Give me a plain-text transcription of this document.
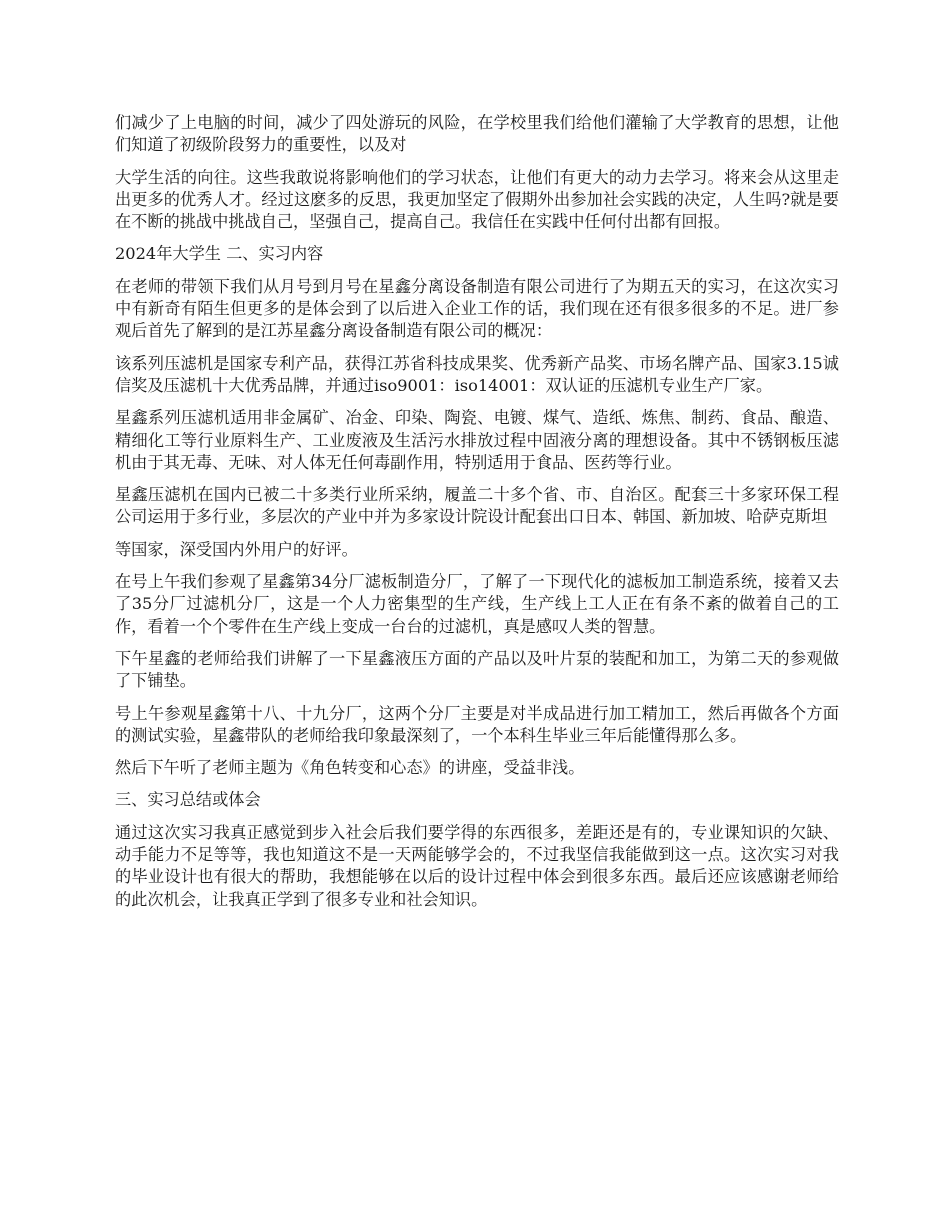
们减少了上电脑的时间，减少了四处游玩的风险，在学校里我们给他们灌输了大学教育的思想，让他们知道了初级阶段努力的重要性，以及对

大学生活的向往。这些我敢说将影响他们的学习状态，让他们有更大的动力去学习。将来会从这里走出更多的优秀人才。经过这麽多的反思，我更加坚定了假期外出参加社会实践的决定，人生吗?就是要在不断的挑战中挑战自己，坚强自己，提高自己。我信任在实践中任何付出都有回报。

2024年大学生 二、实习内容

在老师的带领下我们从月号到月号在星鑫分离设备制造有限公司进行了为期五天的实习，在这次实习中有新奇有陌生但更多的是体会到了以后进入企业工作的话，我们现在还有很多很多的不足。进厂参观后首先了解到的是江苏星鑫分离设备制造有限公司的概况：

该系列压滤机是国家专利产品，获得江苏省科技成果奖、优秀新产品奖、市场名牌产品、国家3.15诚信奖及压滤机十大优秀品牌，并通过iso9001：iso14001：双认证的压滤机专业生产厂家。

星鑫系列压滤机适用非金属矿、冶金、印染、陶瓷、电镀、煤气、造纸、炼焦、制药、食品、酿造、精细化工等行业原料生产、工业废液及生活污水排放过程中固液分离的理想设备。其中不锈钢板压滤机由于其无毒、无味、对人体无任何毒副作用，特别适用于食品、医药等行业。

星鑫压滤机在国内已被二十多类行业所采纳，履盖二十多个省、市、自治区。配套三十多家环保工程公司运用于多行业，多层次的产业中并为多家设计院设计配套出口日本、韩国、新加坡、哈萨克斯坦

等国家，深受国内外用户的好评。

在号上午我们参观了星鑫第34分厂滤板制造分厂，了解了一下现代化的滤板加工制造系统，接着又去了35分厂过滤机分厂，这是一个人力密集型的生产线，生产线上工人正在有条不紊的做着自己的工作，看着一个个零件在生产线上变成一台台的过滤机，真是感叹人类的智慧。

下午星鑫的老师给我们讲解了一下星鑫液压方面的产品以及叶片泵的装配和加工，为第二天的参观做了下铺垫。

号上午参观星鑫第十八、十九分厂，这两个分厂主要是对半成品进行加工精加工，然后再做各个方面的测试实验，星鑫带队的老师给我印象最深刻了，一个本科生毕业三年后能懂得那么多。

然后下午听了老师主题为《角色转变和心态》的讲座，受益非浅。

三、实习总结或体会

通过这次实习我真正感觉到步入社会后我们要学得的东西很多，差距还是有的，专业课知识的欠缺、动手能力不足等等，我也知道这不是一天两能够学会的，不过我坚信我能做到这一点。这次实习对我的毕业设计也有很大的帮助，我想能够在以后的设计过程中体会到很多东西。最后还应该感谢老师给的此次机会，让我真正学到了很多专业和社会知识。
